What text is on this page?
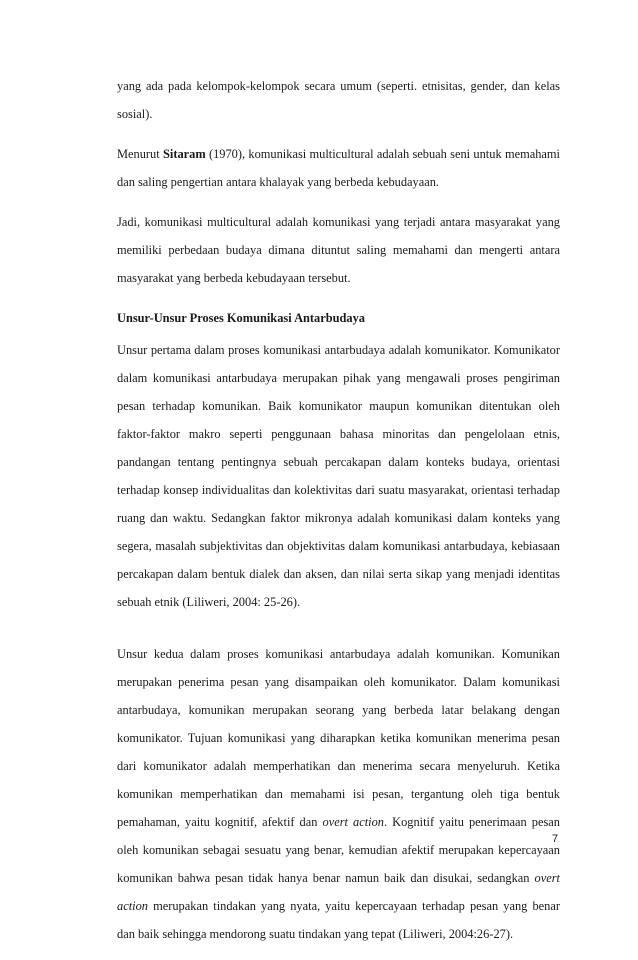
yang ada pada kelompok-kelompok secara umum (seperti. etnisitas, gender, dan kelas sosial).

Menurut Sitaram (1970), komunikasi multicultural adalah sebuah seni untuk memahami dan saling pengertian antara khalayak yang berbeda kebudayaan.

Jadi, komunikasi multicultural adalah komunikasi yang terjadi antara masyarakat yang memiliki perbedaan budaya dimana dituntut saling memahami dan mengerti antara masyarakat yang berbeda kebudayaan tersebut.

Unsur-Unsur Proses Komunikasi Antarbudaya

Unsur pertama dalam proses komunikasi antarbudaya adalah komunikator. Komunikator dalam komunikasi antarbudaya merupakan pihak yang mengawali proses pengiriman pesan terhadap komunikan. Baik komunikator maupun komunikan ditentukan oleh faktor-faktor makro seperti penggunaan bahasa minoritas dan pengelolaan etnis, pandangan tentang pentingnya sebuah percakapan dalam konteks budaya, orientasi terhadap konsep individualitas dan kolektivitas dari suatu masyarakat, orientasi terhadap ruang dan waktu. Sedangkan faktor mikronya adalah komunikasi dalam konteks yang segera, masalah subjektivitas dan objektivitas dalam komunikasi antarbudaya, kebiasaan percakapan dalam bentuk dialek dan aksen, dan nilai serta sikap yang menjadi identitas sebuah etnik (Liliweri, 2004: 25-26).

Unsur kedua dalam proses komunikasi antarbudaya adalah komunikan. Komunikan merupakan penerima pesan yang disampaikan oleh komunikator. Dalam komunikasi antarbudaya, komunikan merupakan seorang yang berbeda latar belakang dengan komunikator. Tujuan komunikasi yang diharapkan ketika komunikan menerima pesan dari komunikator adalah memperhatikan dan menerima secara menyeluruh. Ketika komunikan memperhatikan dan memahami isi pesan, tergantung oleh tiga bentuk pemahaman, yaitu kognitif, afektif dan overt action. Kognitif yaitu penerimaan pesan oleh komunikan sebagai sesuatu yang benar, kemudian afektif merupakan kepercayaan komunikan bahwa pesan tidak hanya benar namun baik dan disukai, sedangkan overt action merupakan tindakan yang nyata, yaitu kepercayaan terhadap pesan yang benar dan baik sehingga mendorong suatu tindakan yang tepat (Liliweri, 2004:26-27).

7
